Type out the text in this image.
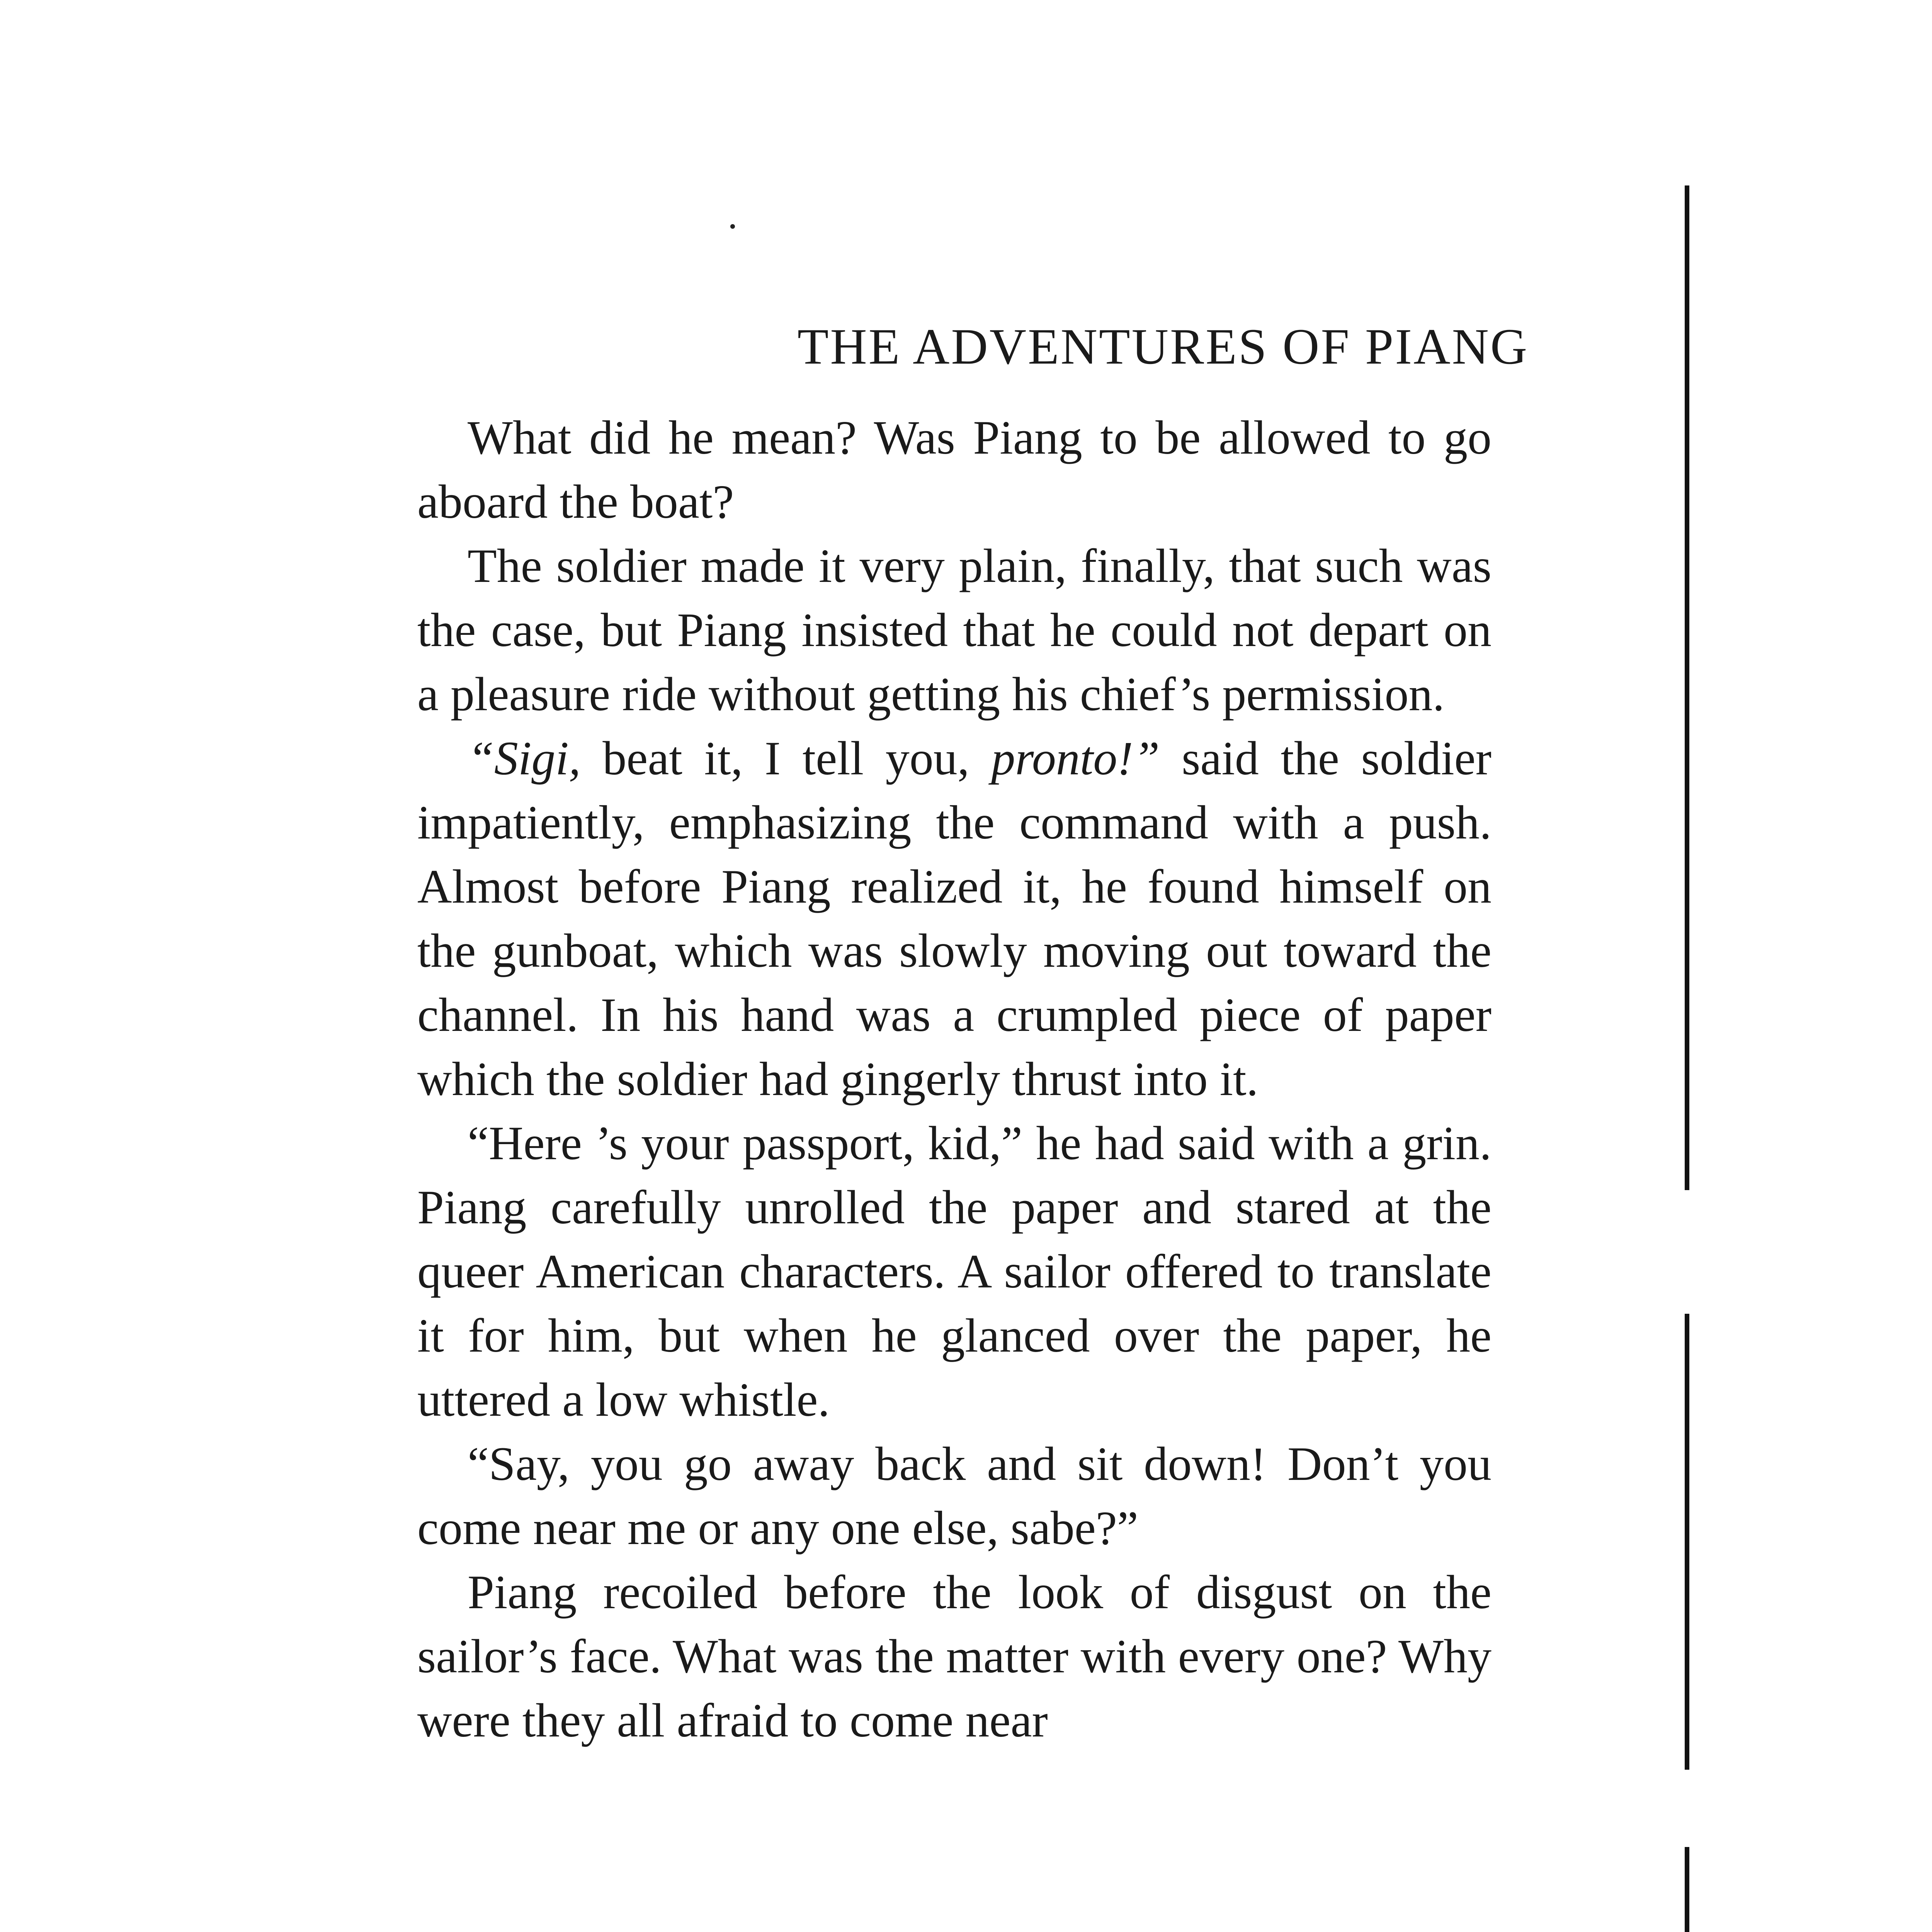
THE ADVENTURES OF PIANG

What did he mean? Was Piang to be allowed to go aboard the boat?

The soldier made it very plain, finally, that such was the case, but Piang insisted that he could not depart on a pleasure ride without getting his chief’s permission.

“Sigi, beat it, I tell you, pronto!” said the soldier impatiently, emphasizing the command with a push. Almost before Piang realized it, he found himself on the gunboat, which was slowly moving out toward the channel. In his hand was a crumpled piece of paper which the soldier had gingerly thrust into it.

“Here ’s your passport, kid,” he had said with a grin. Piang carefully unrolled the paper and stared at the queer American characters. A sailor offered to translate it for him, but when he glanced over the paper, he uttered a low whistle.

“Say, you go away back and sit down! Don’t you come near me or any one else, sabe?”

Piang recoiled before the look of disgust on the sailor’s face. What was the matter with every one? Why were they all afraid to come near
